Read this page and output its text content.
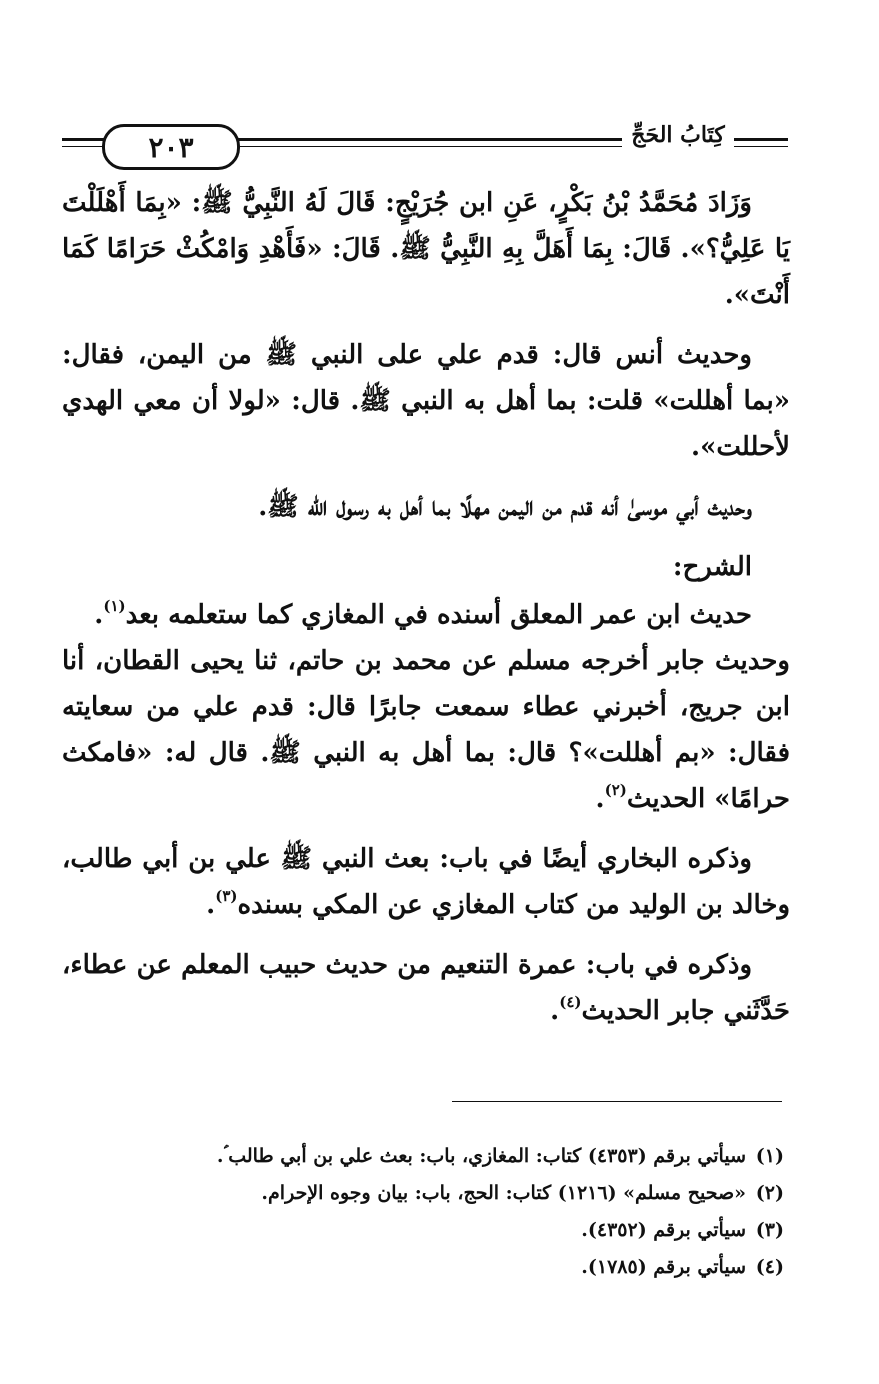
٢٠٣	كِتَابُ الحَجِّ

وَزَادَ مُحَمَّدُ بْنُ بَكْرٍ، عَنِ ابن جُرَيْجٍ: قَالَ لَهُ النَّبِيُّ ﷺ: «بِمَا أَهْلَلْتَ يَا عَلِيُّ؟». قَالَ: بِمَا أَهَلَّ بِهِ النَّبِيُّ ﷺ. قَالَ: «فَأَهْدِ وَامْكُثْ حَرَامًا كَمَا أَنْتَ».

وحديث أنس قال: قدم علي على النبي ﷺ من اليمن، فقال: «بما أهللت» قلت: بما أهل به النبي ﷺ. قال: «لولا أن معي الهدي لأحللت».

وحديث أبي موسىٰ أنه قدم من اليمن مهلًا بما أهل به رسول الله ﷺ.

الشرح:

حديث ابن عمر المعلق أسنده في المغازي كما ستعلمه بعد$^{(١)}$.

وحديث جابر أخرجه مسلم عن محمد بن حاتم، ثنا يحيى القطان، أنا ابن جريج، أخبرني عطاء سمعت جابرًا قال: قدم علي من سعايته فقال: «بم أهللت»؟ قال: بما أهل به النبي ﷺ. قال له: «فامكث حرامًا» الحديث$^{(٢)}$.

وذكره البخاري أيضًا في باب: بعث النبي ﷺ علي بن أبي طالب، وخالد بن الوليد من كتاب المغازي عن المكي بسنده$^{(٣)}$.

وذكره في باب: عمرة التنعيم من حديث حبيب المعلم عن عطاء، حَدَّثَني جابر الحديث$^{(٤)}$.

(١)
سيأتي برقم (٤٣٥٣) كتاب: المغازي، باب: بعث علي بن أبي طالب ؑ.
(٢)
«صحيح مسلم» (١٢١٦) كتاب: الحج، باب: بيان وجوه الإحرام.
(٣)
سيأتي برقم (٤٣٥٢).
(٤)
سيأتي برقم (١٧٨٥).
